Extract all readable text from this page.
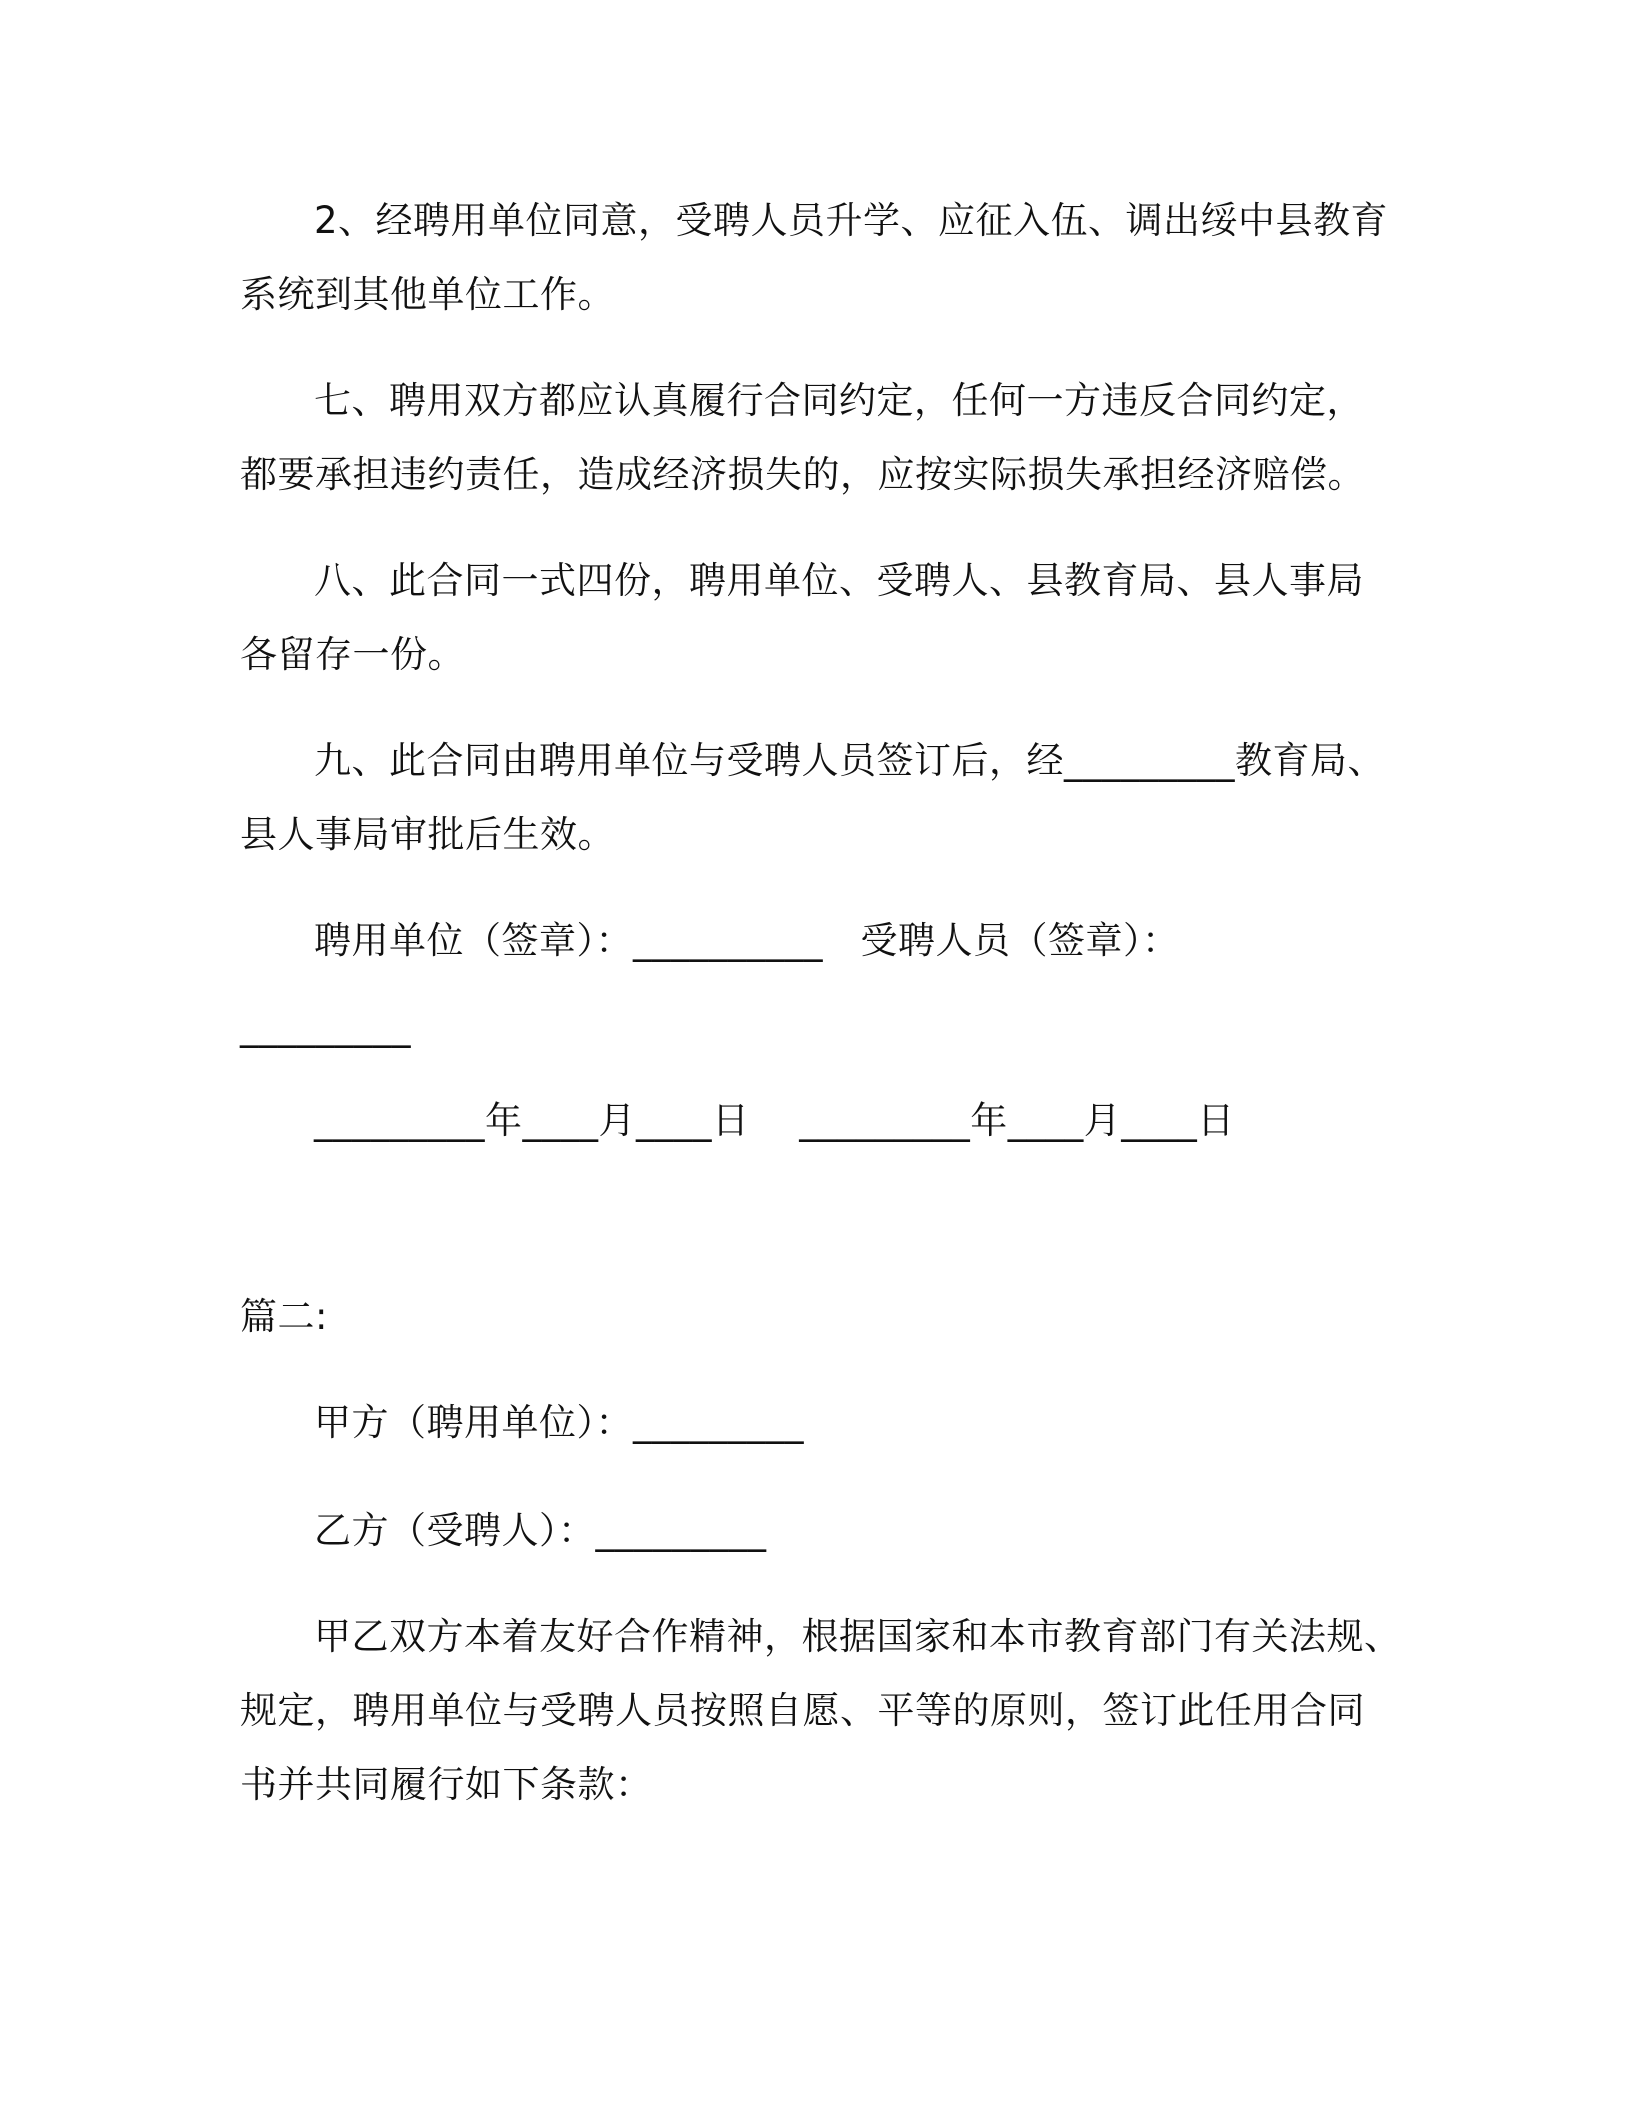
2、经聘用单位同意，受聘人员升学、应征入伍、调出绥中县教育
系统到其他单位工作。
七、聘用双方都应认真履行合同约定，任何一方违反合同约定，
都要承担违约责任，造成经济损失的，应按实际损失承担经济赔偿。
八、此合同一式四份，聘用单位、受聘人、县教育局、县人事局
各留存一份。
九、此合同由聘用单位与受聘人员签订后，经_________教育局、
县人事局审批后生效。
聘用单位（签章）：__________　受聘人员（签章）：
_________
_________年____月____日　 _________年____月____日
篇二:
甲方（聘用单位）：_________
乙方（受聘人）：_________
甲乙双方本着友好合作精神，根据国家和本市教育部门有关法规、
规定，聘用单位与受聘人员按照自愿、平等的原则，签订此任用合同
书并共同履行如下条款：
